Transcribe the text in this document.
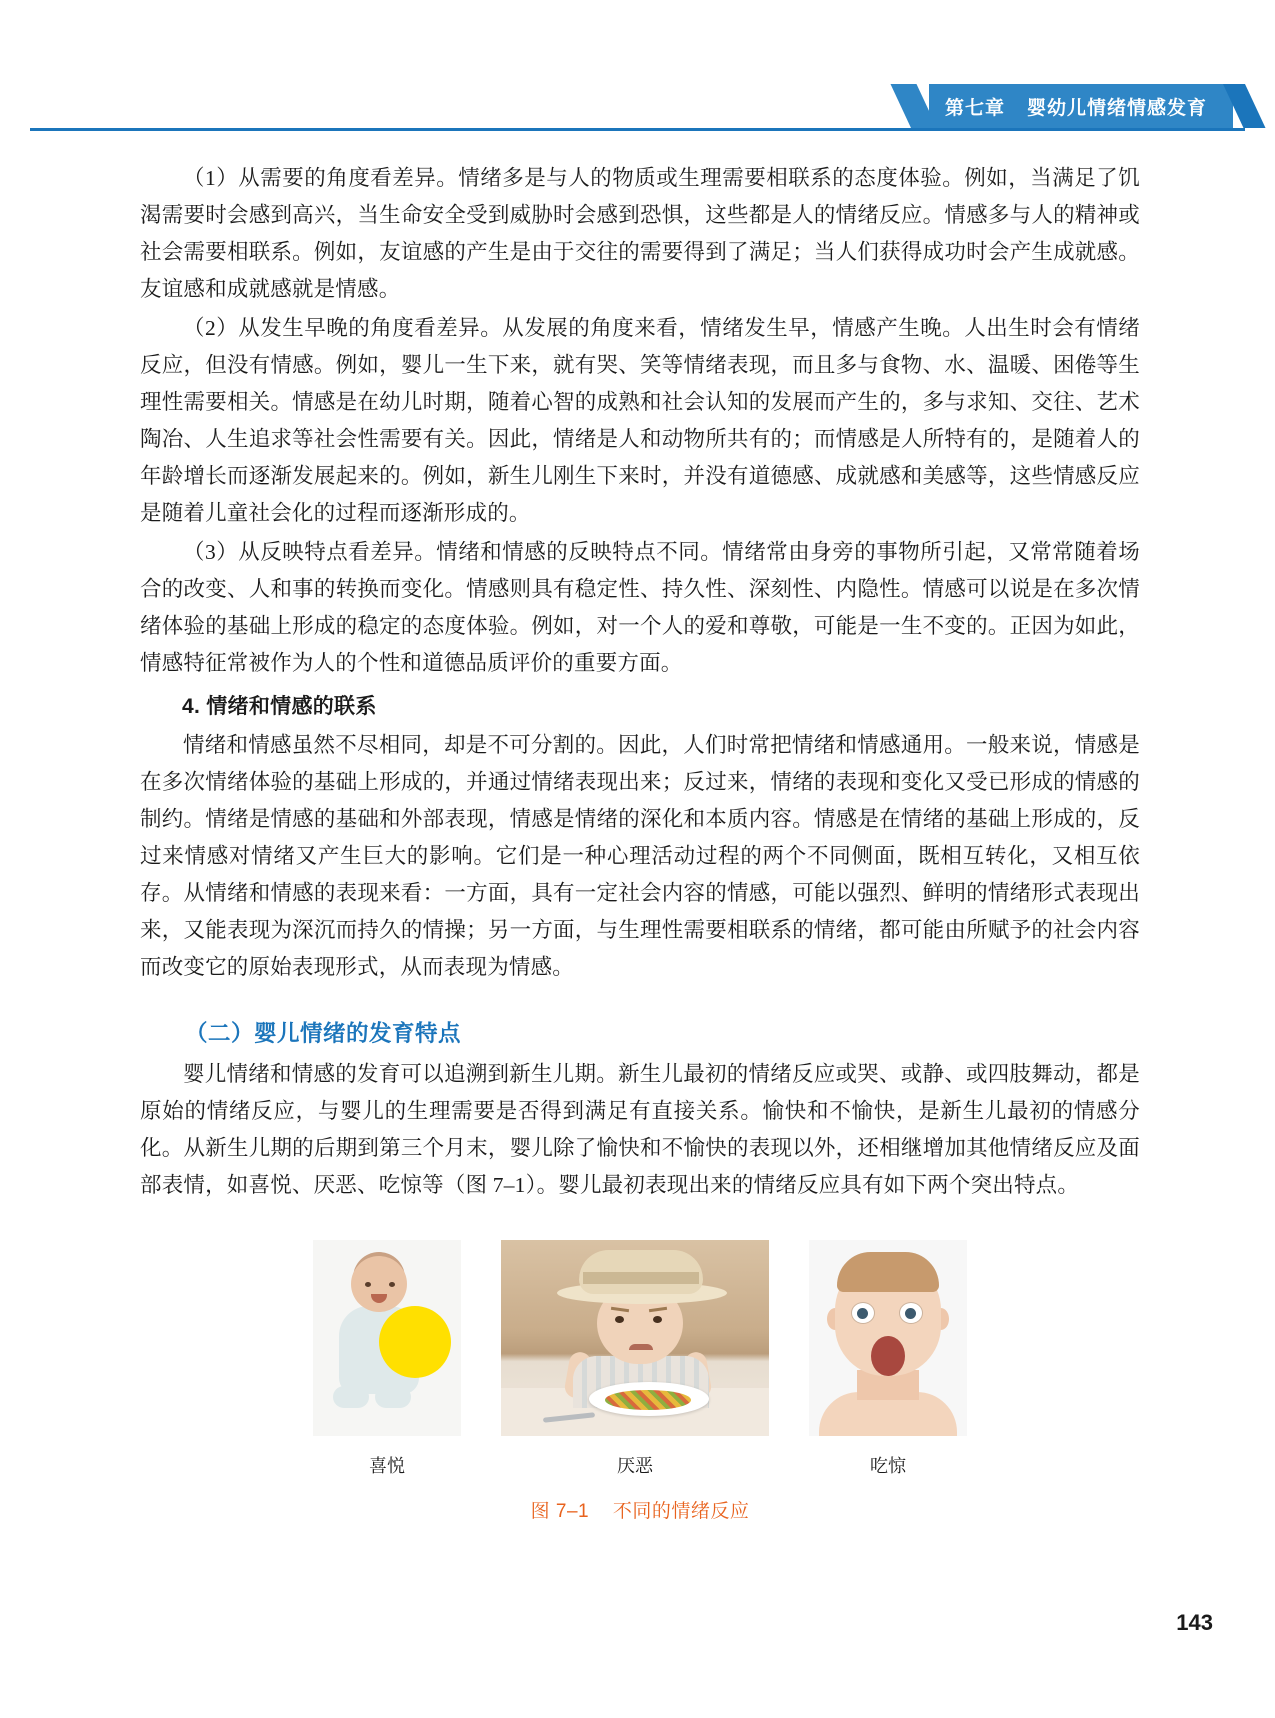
第七章 婴幼儿情绪情感发育

（1）从需要的角度看差异。情绪多是与人的物质或生理需要相联系的态度体验。例如，当满足了饥渴需要时会感到高兴，当生命安全受到威胁时会感到恐惧，这些都是人的情绪反应。情感多与人的精神或社会需要相联系。例如，友谊感的产生是由于交往的需要得到了满足；当人们获得成功时会产生成就感。友谊感和成就感就是情感。

（2）从发生早晚的角度看差异。从发展的角度来看，情绪发生早，情感产生晚。人出生时会有情绪反应，但没有情感。例如，婴儿一生下来，就有哭、笑等情绪表现，而且多与食物、水、温暖、困倦等生理性需要相关。情感是在幼儿时期，随着心智的成熟和社会认知的发展而产生的，多与求知、交往、艺术陶冶、人生追求等社会性需要有关。因此，情绪是人和动物所共有的；而情感是人所特有的，是随着人的年龄增长而逐渐发展起来的。例如，新生儿刚生下来时，并没有道德感、成就感和美感等，这些情感反应是随着儿童社会化的过程而逐渐形成的。

（3）从反映特点看差异。情绪和情感的反映特点不同。情绪常由身旁的事物所引起，又常常随着场合的改变、人和事的转换而变化。情感则具有稳定性、持久性、深刻性、内隐性。情感可以说是在多次情绪体验的基础上形成的稳定的态度体验。例如，对一个人的爱和尊敬，可能是一生不变的。正因为如此，情感特征常被作为人的个性和道德品质评价的重要方面。

4. 情绪和情感的联系

情绪和情感虽然不尽相同，却是不可分割的。因此，人们时常把情绪和情感通用。一般来说，情感是在多次情绪体验的基础上形成的，并通过情绪表现出来；反过来，情绪的表现和变化又受已形成的情感的制约。情绪是情感的基础和外部表现，情感是情绪的深化和本质内容。情感是在情绪的基础上形成的，反过来情感对情绪又产生巨大的影响。它们是一种心理活动过程的两个不同侧面，既相互转化，又相互依存。从情绪和情感的表现来看：一方面，具有一定社会内容的情感，可能以强烈、鲜明的情绪形式表现出来，又能表现为深沉而持久的情操；另一方面，与生理性需要相联系的情绪，都可能由所赋予的社会内容而改变它的原始表现形式，从而表现为情感。

（二）婴儿情绪的发育特点

婴儿情绪和情感的发育可以追溯到新生儿期。新生儿最初的情绪反应或哭、或静、或四肢舞动，都是原始的情绪反应，与婴儿的生理需要是否得到满足有直接关系。愉快和不愉快，是新生儿最初的情感分化。从新生儿期的后期到第三个月末，婴儿除了愉快和不愉快的表现以外，还相继增加其他情绪反应及面部表情，如喜悦、厌恶、吃惊等（图 7–1）。婴儿最初表现出来的情绪反应具有如下两个突出特点。

喜悦	厌恶	吃惊
图 7–1 不同的情绪反应
143
